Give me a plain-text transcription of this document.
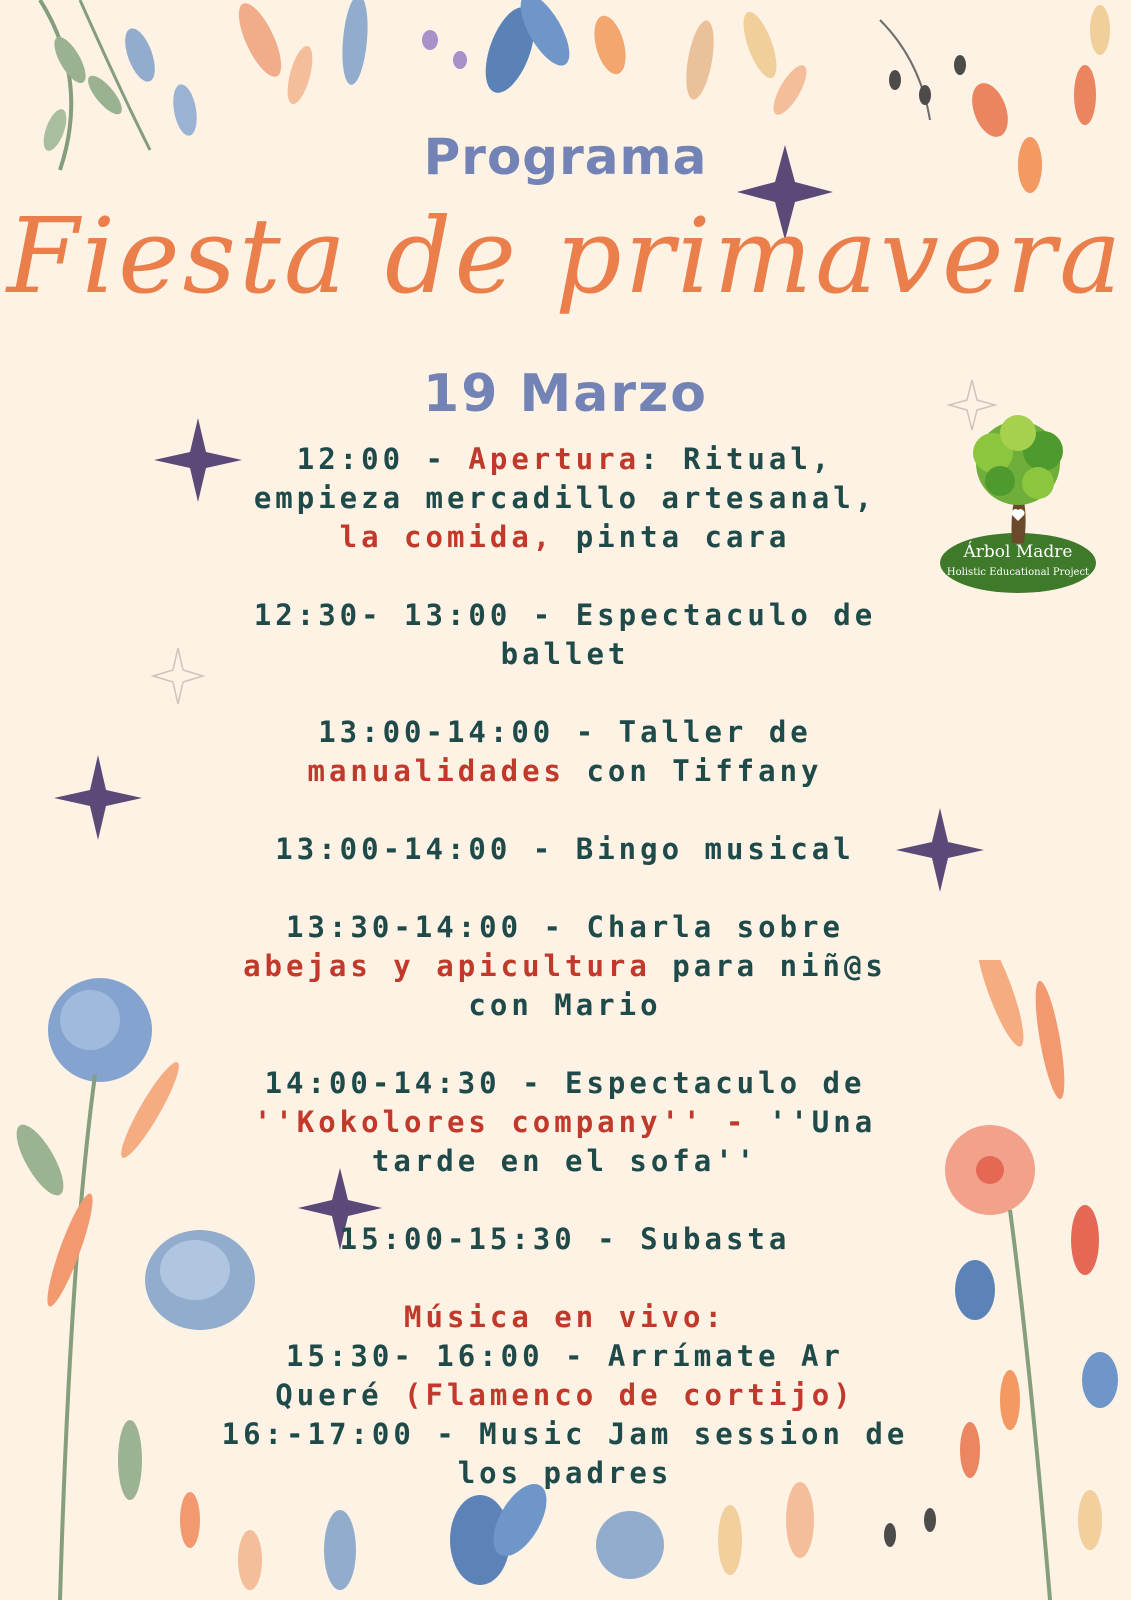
Programa
Fiesta de primavera
19 Marzo
Árbol Madre
Holistic Educational Project
12:00 - Apertura: Ritual,
empieza mercadillo artesanal,
la comida, pinta cara
12:30- 13:00 - Espectaculo de
ballet
13:00-14:00 - Taller de
manualidades con Tiffany
13:00-14:00 - Bingo musical
13:30-14:00 - Charla sobre
abejas y apicultura para niñ@s
con Mario
14:00-14:30 - Espectaculo de
''Kokolores company'' - ''Una
tarde en el sofa''
15:00-15:30 - Subasta
Música en vivo:
15:30- 16:00 - Arrímate Ar
Queré (Flamenco de cortijo)
16:-17:00 - Music Jam session de
los padres
